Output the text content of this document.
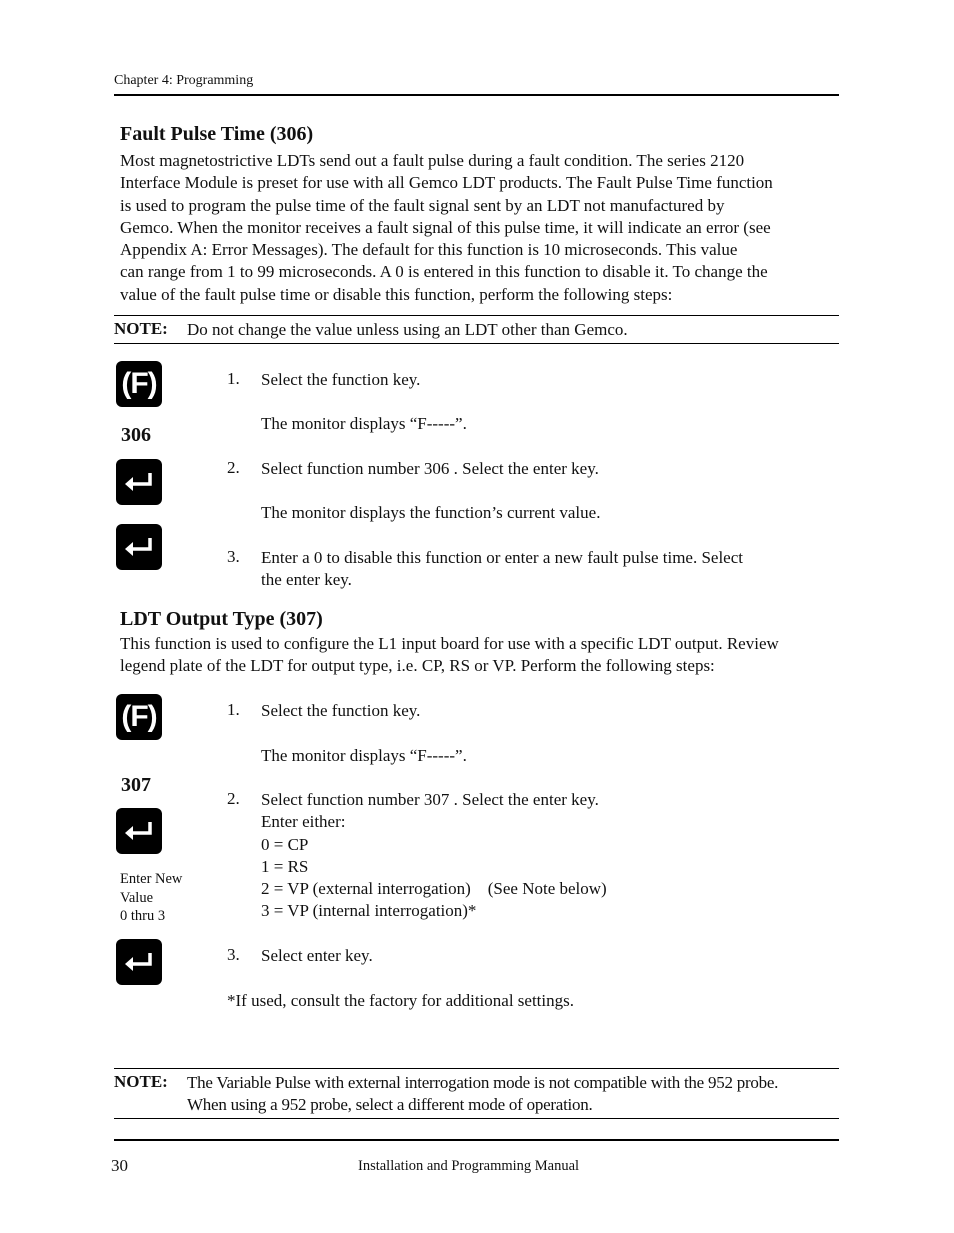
Chapter 4: Programming
Fault Pulse Time (306)
Most magnetostrictive LDTs send out a fault pulse during a fault condition. The series 2120
Interface Module is preset for use with all Gemco LDT products. The Fault Pulse Time function
is used to program the pulse time of the fault signal sent by an LDT not manufactured by
Gemco. When the monitor receives a fault signal of this pulse time, it will indicate an error (see
Appendix A: Error Messages). The default for this function is 10 microseconds. This value
can range from 1 to 99 microseconds. A 0 is entered in this function to disable it. To change the
value of the fault pulse time or disable this function, perform the following steps:
NOTE: Do not change the value unless using an LDT other than Gemco.
(F)
306
1. Select the function key.
The monitor displays “F-----”.
2. Select function number 306 . Select the enter key.
The monitor displays the function’s current value.
3. Enter a 0 to disable this function or enter a new fault pulse time. Select
the enter key.
LDT Output Type (307)
This function is used to configure the L1 input board for use with a specific LDT output. Review
legend plate of the LDT for output type, i.e. CP, RS or VP. Perform the following steps:
(F)
307
Enter New
Value
0 thru 3
1. Select the function key.
The monitor displays “F-----”.
2. Select function number 307 . Select the enter key.
Enter either:
0 = CP
1 = RS
2 = VP (external interrogation)    (See Note below)
3 = VP (internal interrogation)*
3. Select enter key.
*If used, consult the factory for additional settings.
NOTE: The Variable Pulse with external interrogation mode is not compatible with the 952 probe.
When using a 952 probe, select a different mode of operation.
30	Installation and Programming Manual
